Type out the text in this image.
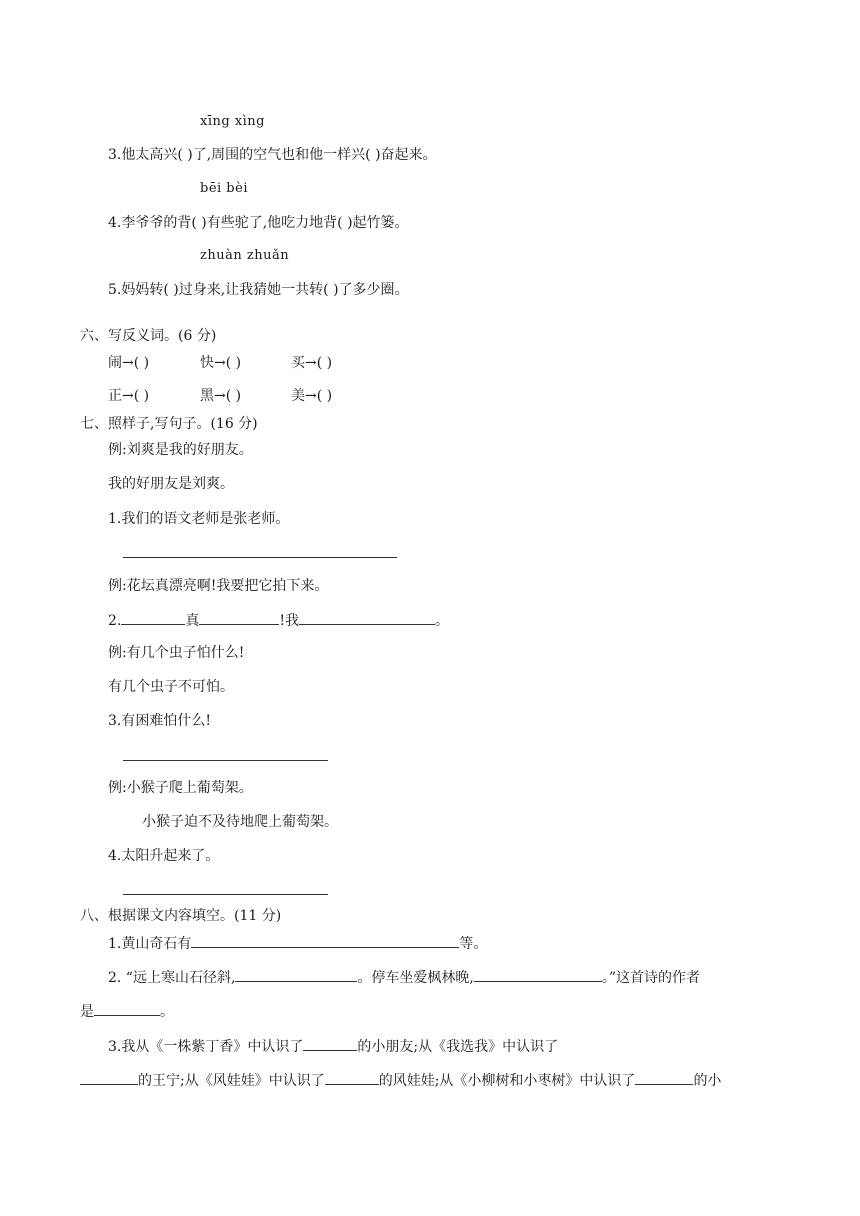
xīng xìng
3.他太高兴( )了,周围的空气也和他一样兴( )奋起来。
bēi bèi
4.李爷爷的背( )有些驼了,他吃力地背( )起竹篓。
zhuàn zhuǎn
5.妈妈转( )过身来,让我猜她一共转( )了多少圈。
六、写反义词。(6 分)
闹→( )	快→( )	买→( )
正→( )	黑→( )	美→( )
七、照样子,写句子。(16 分)
例:刘爽是我的好朋友。
我的好朋友是刘爽。
1.我们的语文老师是张老师。
例:花坛真漂亮啊!我要把它拍下来。
2.	真	!我	。
例:有几个虫子怕什么!
有几个虫子不可怕。
3.有困难怕什么!
例:小猴子爬上葡萄架。
小猴子迫不及待地爬上葡萄架。
4.太阳升起来了。
八、根据课文内容填空。(11 分)
1.黄山奇石有	等。
2. “远上寒山石径斜,	。停车坐爱枫林晚,	。”这首诗的作者
是	。
3.我从《一株紫丁香》中认识了	的小朋友;从《我选我》中认识了
的王宁;从《风娃娃》中认识了	的风娃娃;从《小柳树和小枣树》中认识了	的小
